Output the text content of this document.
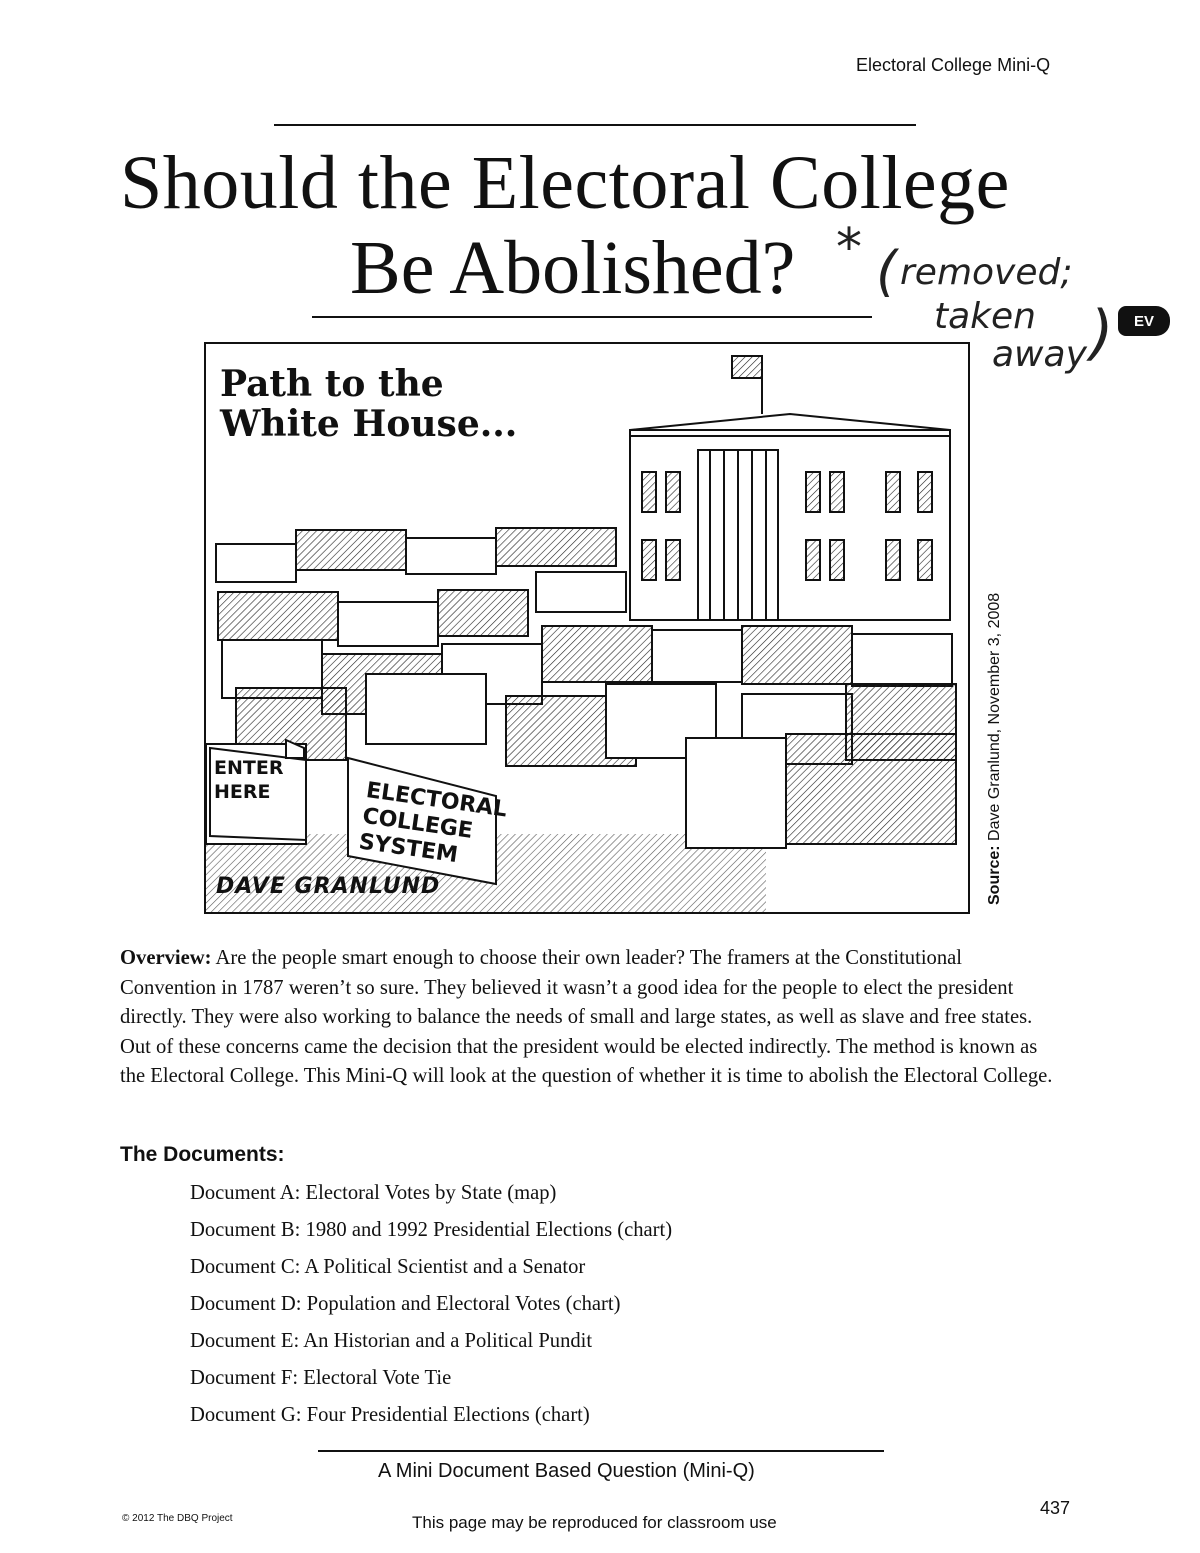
Electoral College Mini-Q
Should the Electoral College
Be Abolished? * ( removed;
taken
away )	EV
Path to the
White House...
ENTER
HERE	ELECTORAL
COLLEGE
SYSTEM
DAVE GRANLUND	Source: Dave Granlund, November 3, 2008
Overview: Are the people smart enough to choose their own leader? The framers at the Constitutional Convention in 1787 weren’t so sure. They believed it wasn’t a good idea for the people to elect the president directly. They were also working to balance the needs of small and large states, as well as slave and free states. Out of these concerns came the decision that the president would be elected indirectly. The method is known as the Electoral College. This Mini-Q will look at the question of whether it is time to abolish the Electoral College.
The Documents:
Document A: Electoral Votes by State (map)
Document B: 1980 and 1992 Presidential Elections (chart)
Document C: A Political Scientist and a Senator
Document D: Population and Electoral Votes (chart)
Document E: An Historian and a Political Pundit
Document F: Electoral Vote Tie
Document G: Four Presidential Elections (chart)
A Mini Document Based Question (Mini-Q)
437
© 2012 The DBQ Project	This page may be reproduced for classroom use
